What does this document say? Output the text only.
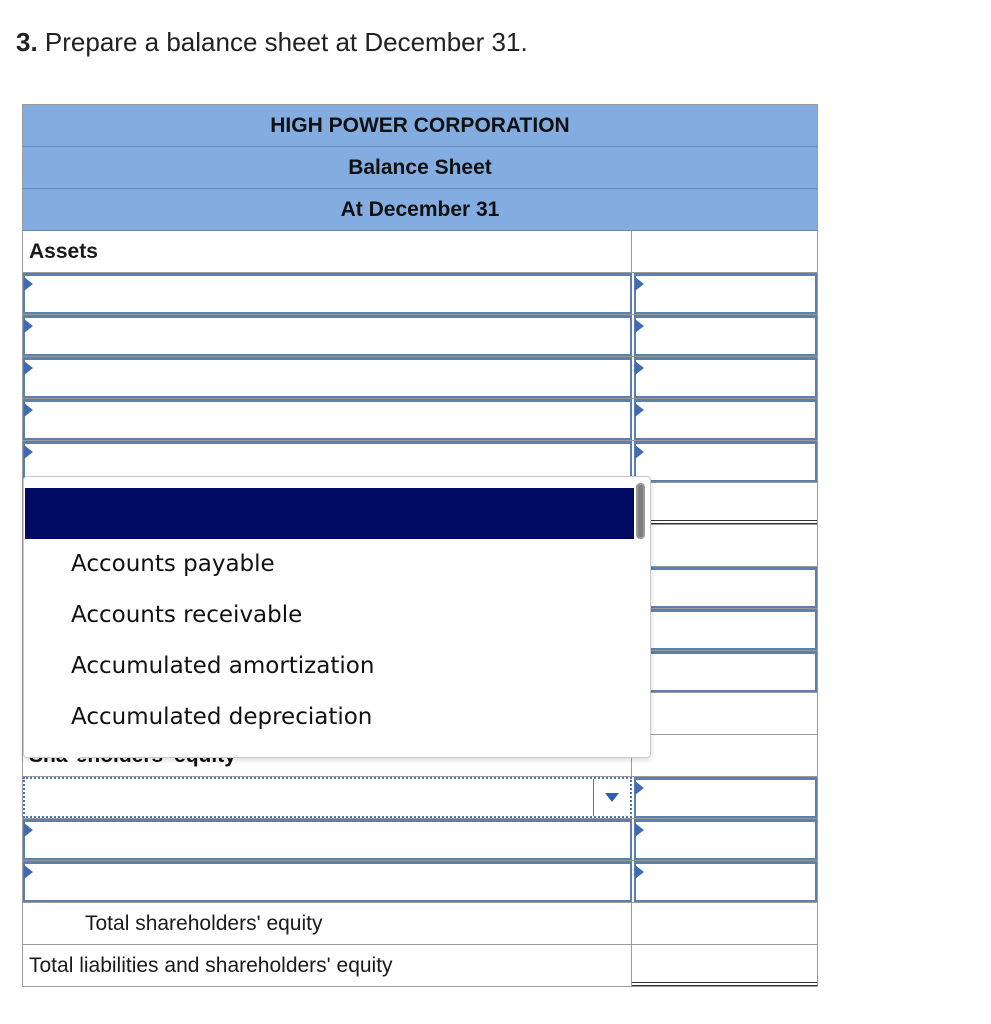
3. Prepare a balance sheet at December 31.
HIGH POWER CORPORATION
Balance Sheet
At December 31
Assets
Total shareholders' equity
Total liabilities and shareholders' equity
Accounts payable
Accounts receivable
Accumulated amortization
Accumulated depreciation
